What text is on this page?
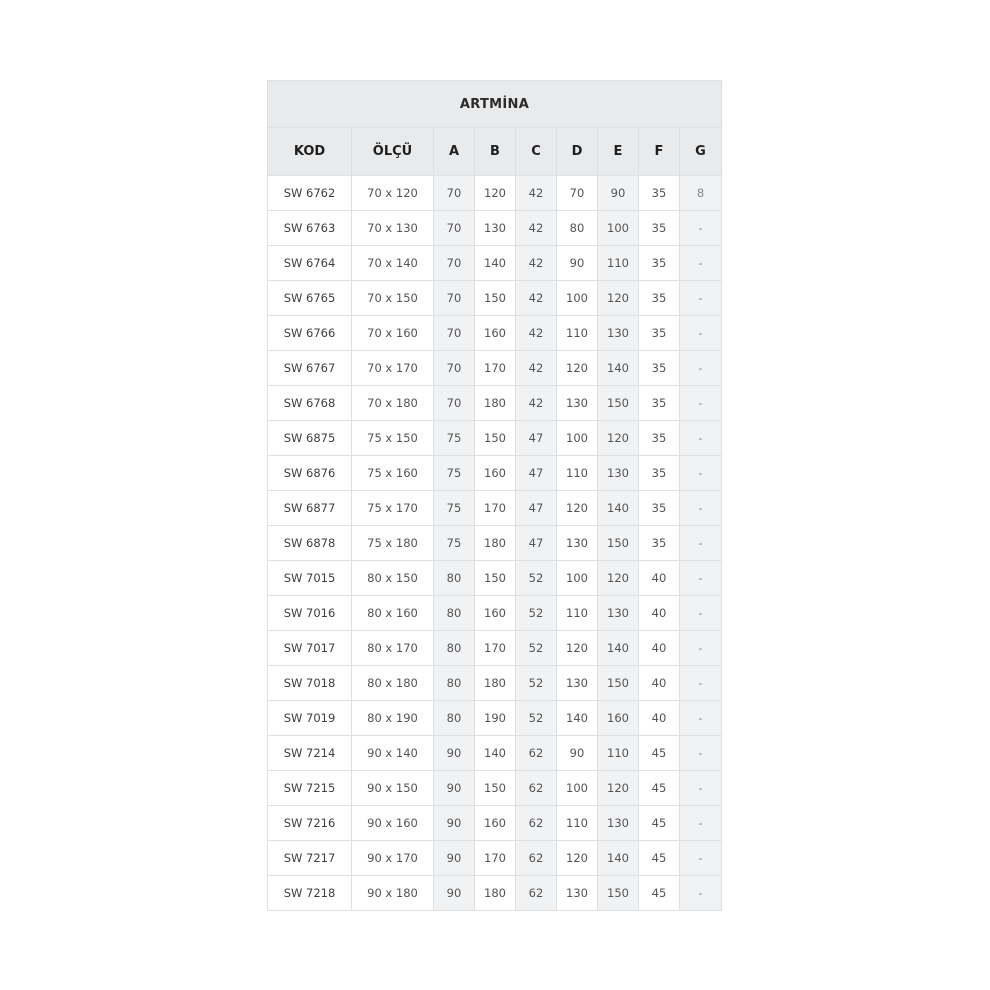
ARTMİNA								
KOD	ÖLÇÜ	A	B	C	D	E	F	G
SW 6762	70 x 120	70	120	42	70	90	35	8
SW 6763	70 x 130	70	130	42	80	100	35	-
SW 6764	70 x 140	70	140	42	90	110	35	-
SW 6765	70 x 150	70	150	42	100	120	35	-
SW 6766	70 x 160	70	160	42	110	130	35	-
SW 6767	70 x 170	70	170	42	120	140	35	-
SW 6768	70 x 180	70	180	42	130	150	35	-
SW 6875	75 x 150	75	150	47	100	120	35	-
SW 6876	75 x 160	75	160	47	110	130	35	-
SW 6877	75 x 170	75	170	47	120	140	35	-
SW 6878	75 x 180	75	180	47	130	150	35	-
SW 7015	80 x 150	80	150	52	100	120	40	-
SW 7016	80 x 160	80	160	52	110	130	40	-
SW 7017	80 x 170	80	170	52	120	140	40	-
SW 7018	80 x 180	80	180	52	130	150	40	-
SW 7019	80 x 190	80	190	52	140	160	40	-
SW 7214	90 x 140	90	140	62	90	110	45	-
SW 7215	90 x 150	90	150	62	100	120	45	-
SW 7216	90 x 160	90	160	62	110	130	45	-
SW 7217	90 x 170	90	170	62	120	140	45	-
SW 7218	90 x 180	90	180	62	130	150	45	-
